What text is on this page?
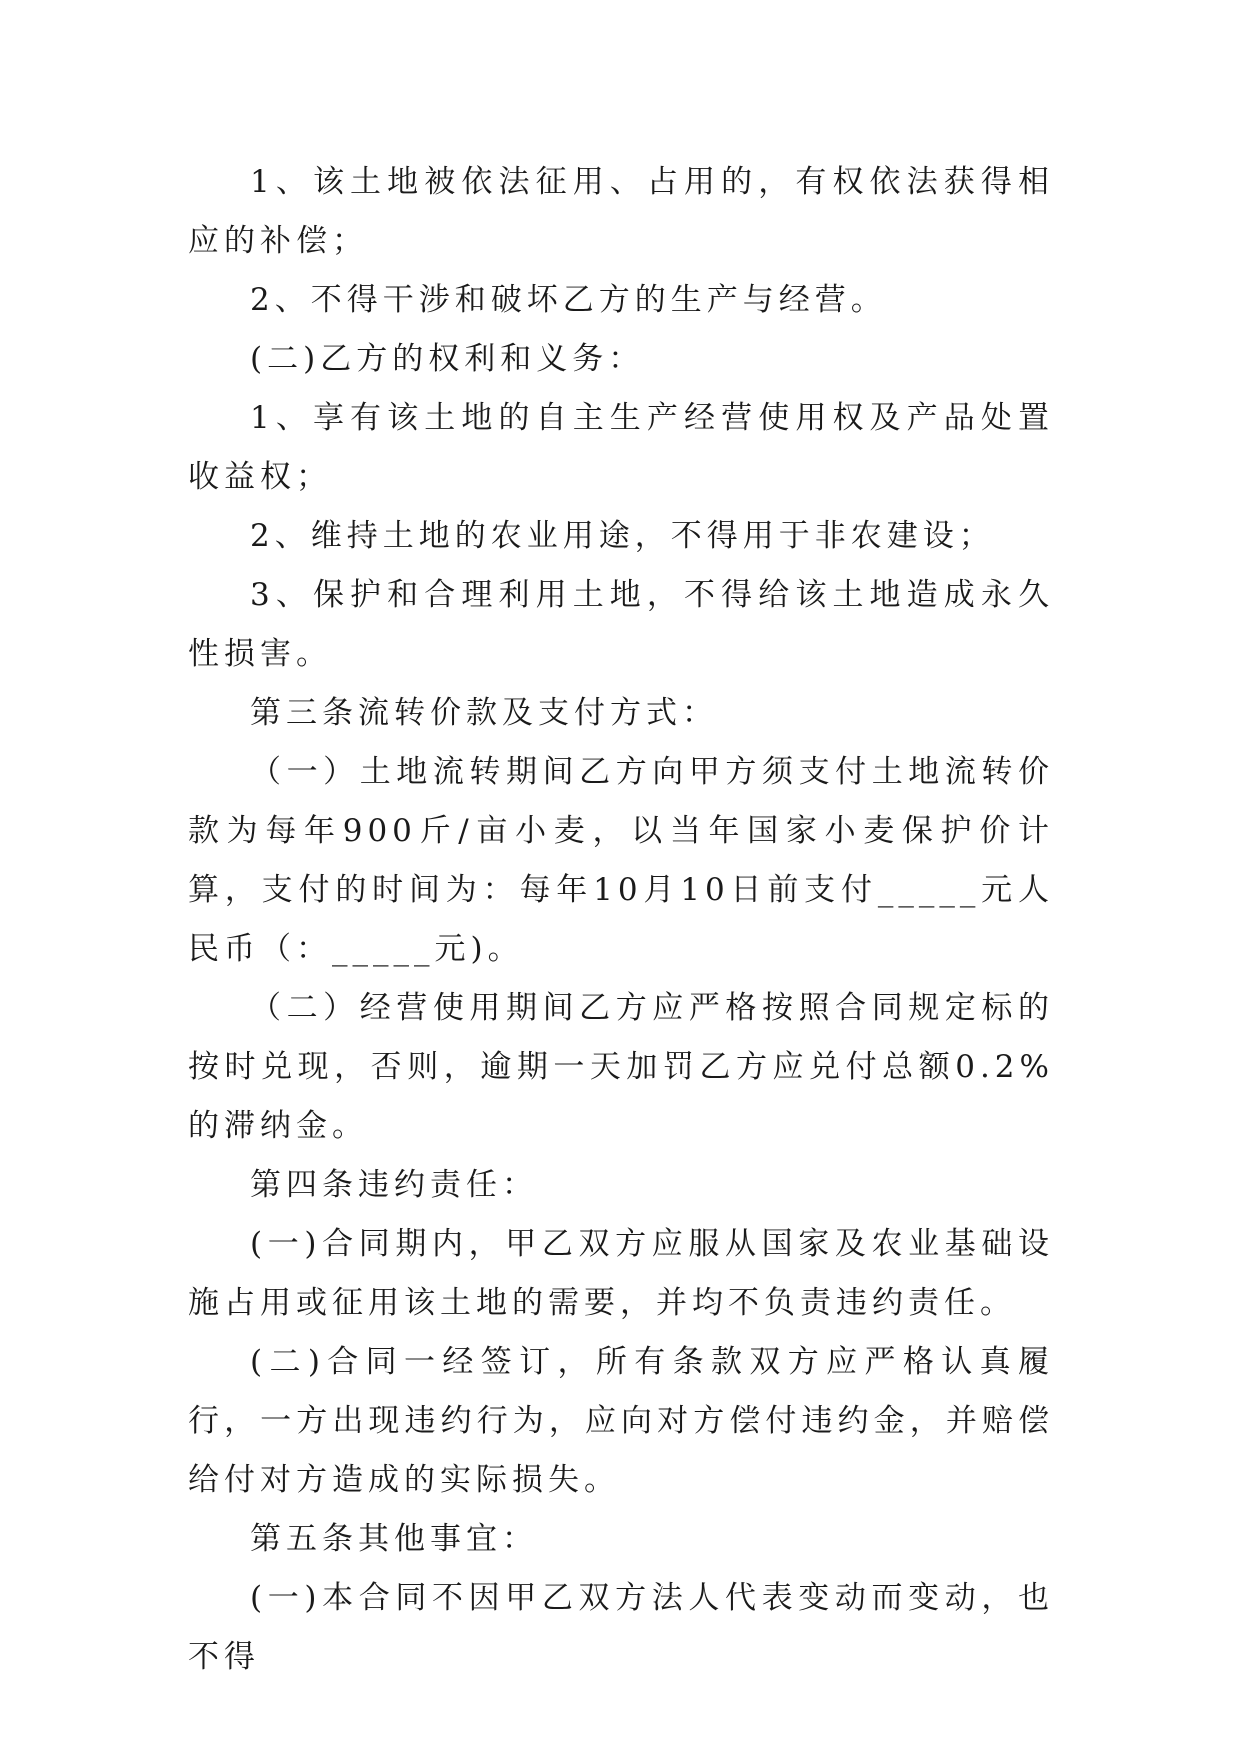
1、该土地被依法征用、占用的，有权依法获得相应的补偿；

2、不得干涉和破坏乙方的生产与经营。

(二)乙方的权利和义务：

1、享有该土地的自主生产经营使用权及产品处置收益权；

2、维持土地的农业用途，不得用于非农建设；

3、保护和合理利用土地，不得给该土地造成永久性损害。

第三条流转价款及支付方式：

（一）土地流转期间乙方向甲方须支付土地流转价款为每年900斤/亩小麦，以当年国家小麦保护价计算，支付的时间为：每年10月10日前支付_____元人民币（：_____元)。

（二）经营使用期间乙方应严格按照合同规定标的按时兑现，否则，逾期一天加罚乙方应兑付总额0.2%的滞纳金。

第四条违约责任：

(一)合同期内，甲乙双方应服从国家及农业基础设施占用或征用该土地的需要，并均不负责违约责任。

(二)合同一经签订，所有条款双方应严格认真履行，一方出现违约行为，应向对方偿付违约金，并赔偿给付对方造成的实际损失。

第五条其他事宜：

(一)本合同不因甲乙双方法人代表变动而变动，也不得
